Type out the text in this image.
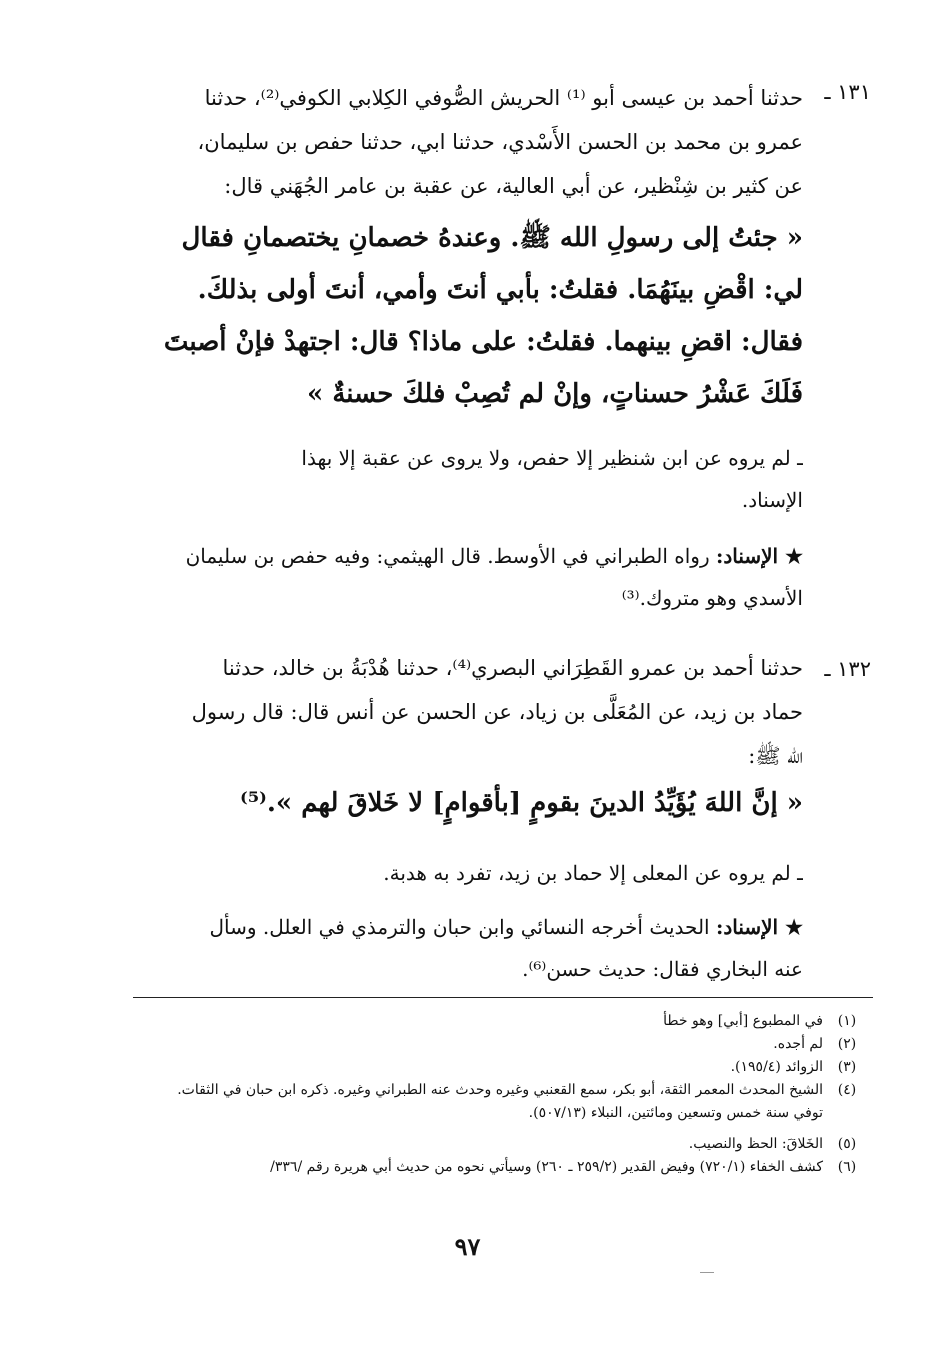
١٣١ ـ
حدثنا أحمد بن عيسى أبو ⁽¹⁾ الحريش الصُّوفي الكِلابي الكوفي⁽²⁾، حدثنا
عمرو بن محمد بن الحسن الأَسْدي، حدثنا ابي، حدثنا حفص بن سليمان،
عن كثير بن شِنْظير، عن أبي العالية، عن عقبة بن عامر الجُهَني قال:
« جئتُ إلى رسولِ الله ﷺ. وعندهُ خصمانِ يختصمانِ فقال
لي: اقْضِ بينَهُمَا. فقلتُ: بأبي أنتَ وأمي، أنتَ أولى بذلكَ.
فقال: اقضِ بينهما. فقلتُ: على ماذا؟ قال: اجتهدْ فإنْ أصبتَ
فَلَكَ عَشْرُ حسناتٍ، وإنْ لم تُصِبْ فلكَ حسنةٌ »
ـ لم يروه عن ابن شنظير إلا حفص، ولا يروى عن عقبة إلا بهذا
الإسناد.
★ الإسناد: رواه الطبراني في الأوسط. قال الهيثمي: وفيه حفص بن سليمان
الأسدي وهو متروك.⁽³⁾
١٣٢ ـ
حدثنا أحمد بن عمرو القَطِرَاني البصري⁽⁴⁾، حدثنا هُدْبَةُ بن خالد، حدثنا
حماد بن زيد، عن المُعَلَّى بن زياد، عن الحسن عن أنس قال: قال رسول
الله ﷺ:
« إنَّ اللهَ يُؤَيِّدُ الدينَ بقومٍ [بأقوامٍ] لا خَلاقَ لهم ».⁽⁵⁾
ـ لم يروه عن المعلى إلا حماد بن زيد، تفرد به هدبة.
★ الإسناد: الحديث أخرجه النسائي وابن حبان والترمذي في العلل. وسأل
عنه البخاري فقال: حديث حسن⁽⁶⁾.
(١)
في المطبوع [أبي] وهو خطأ
(٢)
لم أجده.
(٣)
الزوائد (١٩٥/٤).
(٤)
الشيخ المحدث المعمر الثقة، أبو بكر، سمع القعنبي وغيره وحدث عنه الطبراني وغيره. ذكره ابن حبان في الثقات.
توفي سنة خمس وتسعين ومائتين، النبلاء (٥٠٧/١٣).
(٥)
الخَلاقَ: الحظ والنصيب.
(٦)
كشف الخفاء (٧٢٠/١) وفيض القدير (٢٥٩/٢ ـ ٢٦٠) وسيأتي نحوه من حديث أبي هريرة رقم /٣٣٦/
٩٧
